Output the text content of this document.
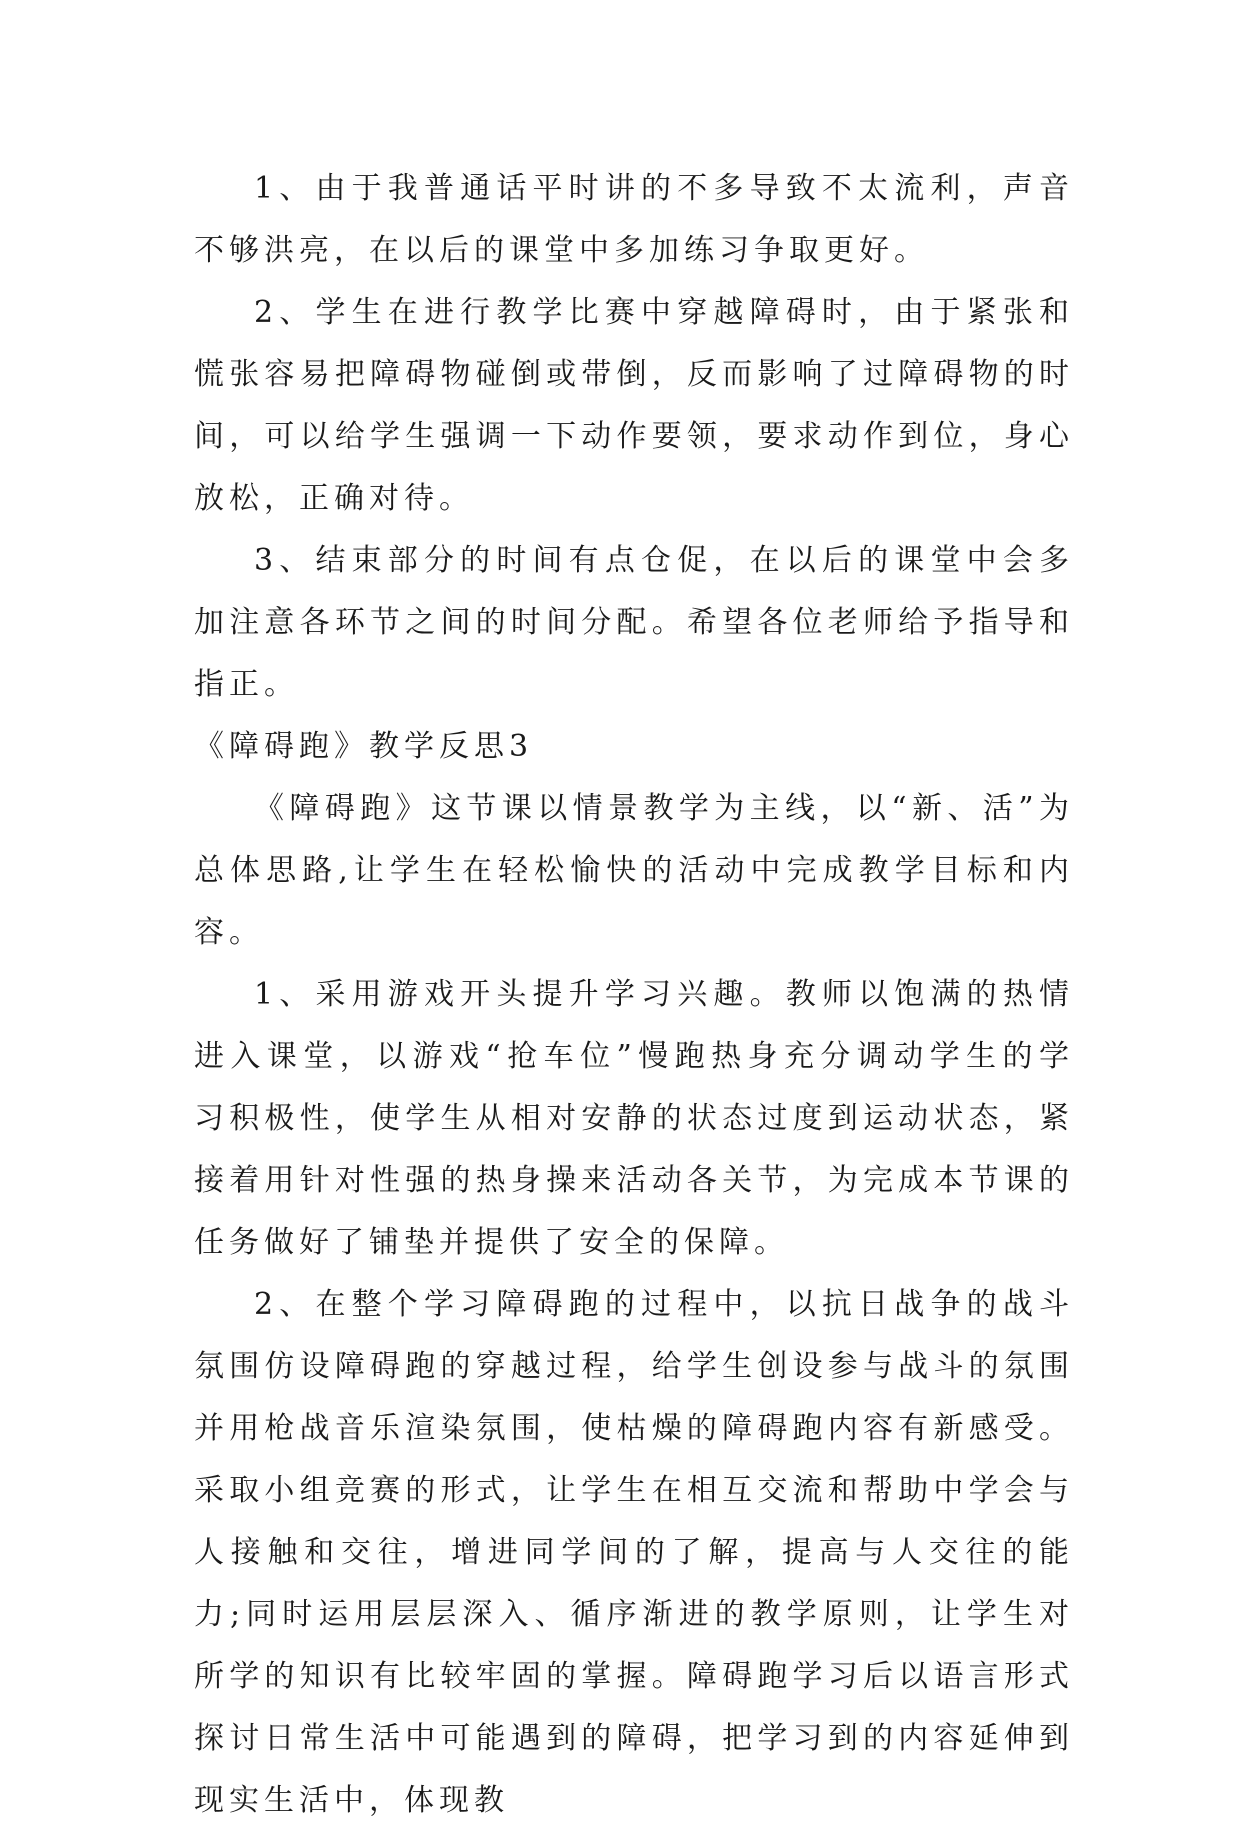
1、由于我普通话平时讲的不多导致不太流利，声音不够洪亮，在以后的课堂中多加练习争取更好。

2、学生在进行教学比赛中穿越障碍时，由于紧张和慌张容易把障碍物碰倒或带倒，反而影响了过障碍物的时间，可以给学生强调一下动作要领，要求动作到位，身心放松，正确对待。

3、结束部分的时间有点仓促，在以后的课堂中会多加注意各环节之间的时间分配。希望各位老师给予指导和指正。

《障碍跑》教学反思3

《障碍跑》这节课以情景教学为主线，以“新、活”为总体思路,让学生在轻松愉快的活动中完成教学目标和内容。

1、采用游戏开头提升学习兴趣。教师以饱满的热情进入课堂，以游戏“抢车位”慢跑热身充分调动学生的学习积极性，使学生从相对安静的状态过度到运动状态，紧接着用针对性强的热身操来活动各关节，为完成本节课的任务做好了铺垫并提供了安全的保障。

2、在整个学习障碍跑的过程中，以抗日战争的战斗氛围仿设障碍跑的穿越过程，给学生创设参与战斗的氛围并用枪战音乐渲染氛围，使枯燥的障碍跑内容有新感受。采取小组竞赛的形式，让学生在相互交流和帮助中学会与人接触和交往，增进同学间的了解，提高与人交往的能力;同时运用层层深入、循序渐进的教学原则，让学生对所学的知识有比较牢固的掌握。障碍跑学习后以语言形式探讨日常生活中可能遇到的障碍，把学习到的内容延伸到现实生活中，体现教
